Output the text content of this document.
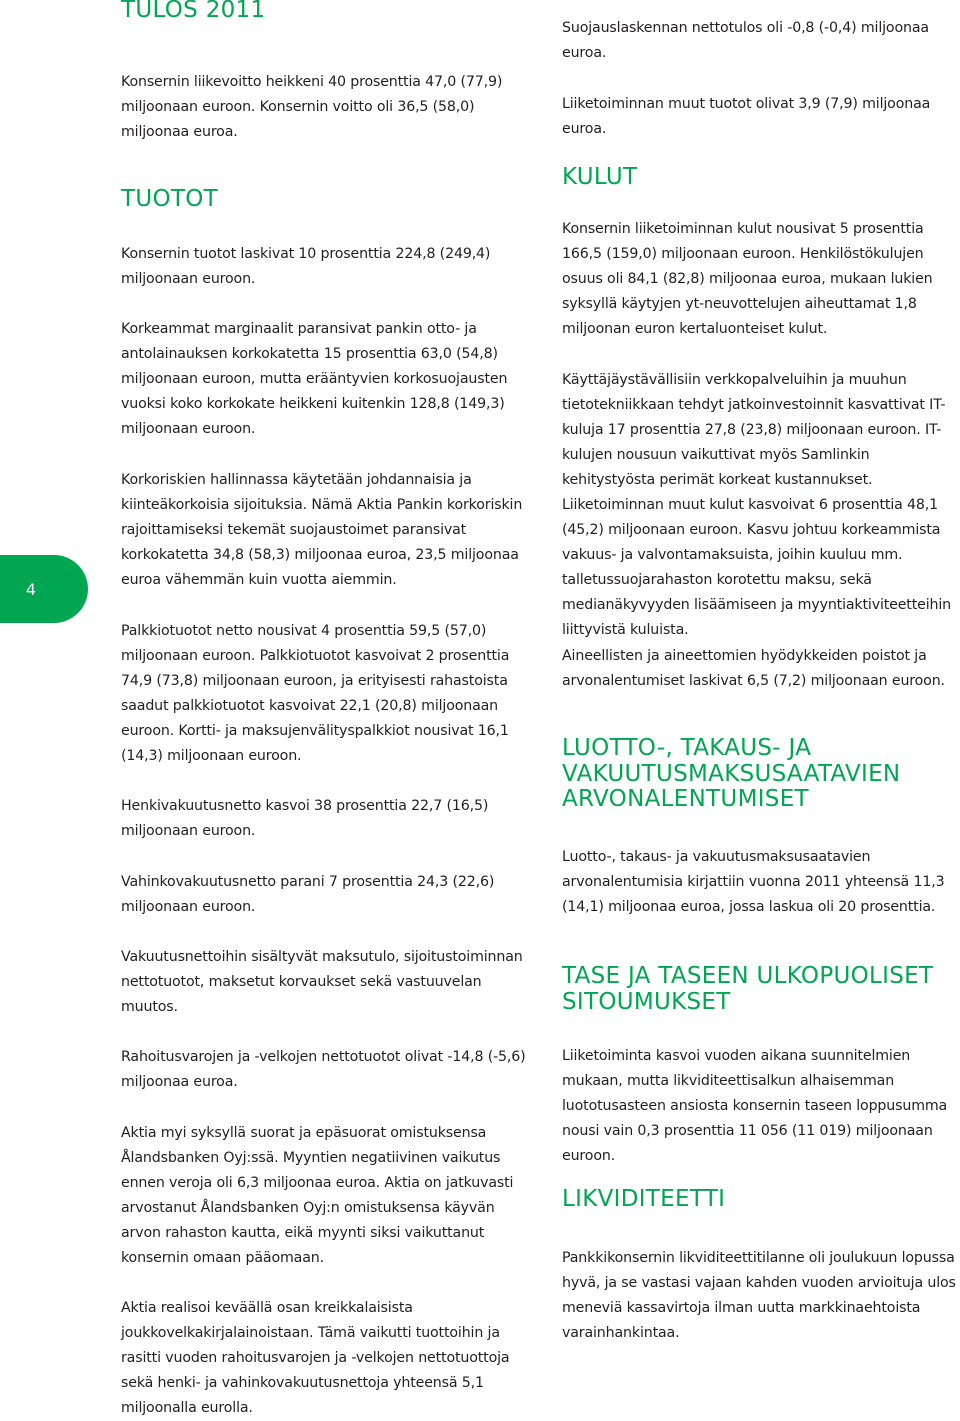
4
TULOS 2011

Konsernin liikevoitto heikkeni 40 prosenttia 47,0 (77,9) miljoonaan euroon. Konsernin voitto oli 36,5 (58,0) miljoonaa euroa.

TUOTOT

Konsernin tuotot laskivat 10 prosenttia 224,8 (249,4) miljoonaan euroon.

Korkeammat marginaalit paransivat pankin otto- ja antolainauksen korkokatetta 15 prosenttia 63,0 (54,8) miljoonaan euroon, mutta erääntyvien korkosuojausten vuoksi koko korkokate heikkeni kuitenkin 128,8 (149,3) miljoonaan euroon.

Korkoriskien hallinnassa käytetään johdannaisia ja kiinteäkorkoisia sijoituksia. Nämä Aktia Pankin korkoriskin rajoittamiseksi tekemät suojaustoimet paransivat korkokatetta 34,8 (58,3) miljoonaa euroa, 23,5 miljoonaa euroa vähemmän kuin vuotta aiemmin.

Palkkiotuotot netto nousivat 4 prosenttia 59,5 (57,0) miljoonaan euroon. Palkkiotuotot kasvoivat 2 prosenttia 74,9 (73,8) miljoonaan euroon, ja erityisesti rahastoista saadut palkkiotuotot kasvoivat 22,1 (20,8) miljoonaan euroon. Kortti- ja maksujenvälityspalkkiot nousivat 16,1 (14,3) miljoonaan euroon.

Henkivakuutusnetto kasvoi 38 prosenttia 22,7 (16,5) miljoonaan euroon.

Vahinkovakuutusnetto parani 7 prosenttia 24,3 (22,6) miljoonaan euroon.

Vakuutusnettoihin sisältyvät maksutulo, sijoitustoiminnan nettotuotot, maksetut korvaukset sekä vastuuvelan muutos.

Rahoitusvarojen ja -velkojen nettotuotot olivat -14,8 (-5,6) miljoonaa euroa.

Aktia myi syksyllä suorat ja epäsuorat omistuksensa Ålandsbanken Oyj:ssä. Myyntien negatiivinen vaikutus ennen veroja oli 6,3 miljoonaa euroa. Aktia on jatkuvasti arvostanut Ålandsbanken Oyj:n omistuksensa käyvän arvon rahaston kautta, eikä myynti siksi vaikuttanut konsernin omaan pääomaan.

Aktia realisoi keväällä osan kreikkalaisista joukkovelkakirjalainoistaan. Tämä vaikutti tuottoihin ja rasitti vuoden rahoitusvarojen ja -velkojen nettotuottoja sekä henki- ja vahinkovakuutusnettoja yhteensä 5,1 miljoonalla eurolla.

Suojauslaskennan nettotulos oli -0,8 (-0,4) miljoonaa euroa.

Liiketoiminnan muut tuotot olivat 3,9 (7,9) miljoonaa euroa.

KULUT

Konsernin liiketoiminnan kulut nousivat 5 prosenttia 166,5 (159,0) miljoonaan euroon. Henkilöstökulujen osuus oli 84,1 (82,8) miljoonaa euroa, mukaan lukien syksyllä käytyjen yt-neuvottelujen aiheuttamat 1,8 miljoonan euron kertaluonteiset kulut.

Käyttäjäystävällisiin verkkopalveluihin ja muuhun tietotekniikkaan tehdyt jatkoinvestoinnit kasvattivat IT-kuluja 17 prosenttia 27,8 (23,8) miljoonaan euroon. IT-kulujen nousuun vaikuttivat myös Samlinkin kehitystyösta perimät korkeat kustannukset. Liiketoiminnan muut kulut kasvoivat 6 prosenttia 48,1 (45,2) miljoonaan euroon. Kasvu johtuu korkeammista vakuus- ja valvontamaksuista, joihin kuuluu mm. talletussuojarahaston korotettu maksu, sekä medianäkyvyyden lisäämiseen ja myyntiaktiviteetteihin liittyvistä kuluista.

Aineellisten ja aineettomien hyödykkeiden poistot ja arvonalentumiset laskivat 6,5 (7,2) miljoonaan euroon.

LUOTTO-, TAKAUS- JA VAKUUTUSMAKSUSAATAVIEN ARVONALENTUMISET

Luotto-, takaus- ja vakuutusmaksusaatavien arvonalentumisia kirjattiin vuonna 2011 yhteensä 11,3 (14,1) miljoonaa euroa, jossa laskua oli 20 prosenttia.

TASE JA TASEEN ULKOPUOLISET SITOUMUKSET

Liiketoiminta kasvoi vuoden aikana suunnitelmien mukaan, mutta likviditeettisalkun alhaisemman luototusasteen ansiosta konsernin taseen loppusumma nousi vain 0,3 prosenttia 11 056 (11 019) miljoonaan euroon.

LIKVIDITEETTI

Pankkikonsernin likviditeettitilanne oli joulukuun lopussa hyvä, ja se vastasi vajaan kahden vuoden arvioituja ulos meneviä kassavirtoja ilman uutta markkinaehtoista varainhankintaa.
